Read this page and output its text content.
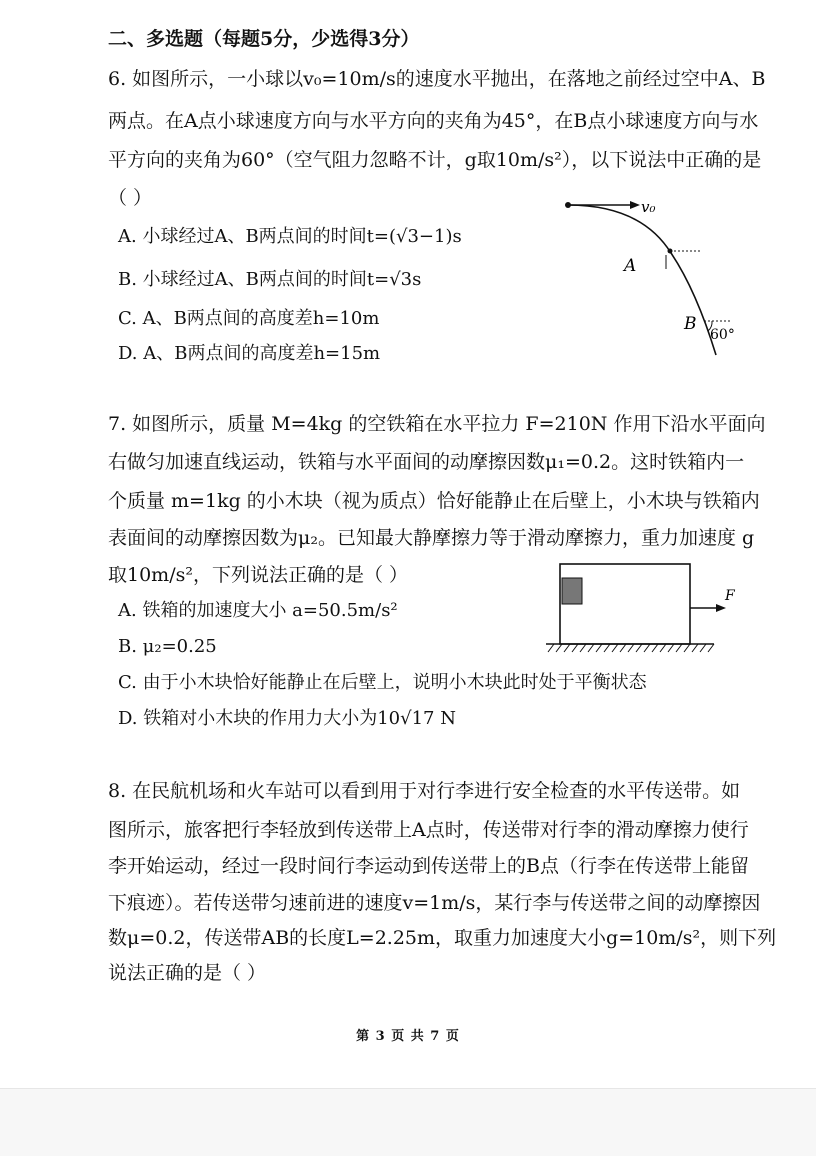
二、多选题（每题5分，少选得3分）
6. 如图所示，一小球以v₀=10m/s的速度水平抛出，在落地之前经过空中A、B
两点。在A点小球速度方向与水平方向的夹角为45°，在B点小球速度方向与水
平方向的夹角为60°（空气阻力忽略不计，g取10m/s²），以下说法中正确的是
（ ）
A. 小球经过A、B两点间的时间t=(√3−1)s
B. 小球经过A、B两点间的时间t=√3s
C. A、B两点间的高度差h=10m
D. A、B两点间的高度差h=15m
v₀
A
B
60°
7. 如图所示，质量 M=4kg 的空铁箱在水平拉力 F=210N 作用下沿水平面向
右做匀加速直线运动，铁箱与水平面间的动摩擦因数μ₁=0.2。这时铁箱内一
个质量 m=1kg 的小木块（视为质点）恰好能静止在后壁上，小木块与铁箱内
表面间的动摩擦因数为μ₂。已知最大静摩擦力等于滑动摩擦力，重力加速度 g
取10m/s²，下列说法正确的是（ ）
A. 铁箱的加速度大小 a=50.5m/s²
B. μ₂=0.25
C. 由于小木块恰好能静止在后壁上，说明小木块此时处于平衡状态
D. 铁箱对小木块的作用力大小为10√17 N
F
8. 在民航机场和火车站可以看到用于对行李进行安全检查的水平传送带。如
图所示，旅客把行李轻放到传送带上A点时，传送带对行李的滑动摩擦力使行
李开始运动，经过一段时间行李运动到传送带上的B点（行李在传送带上能留
下痕迹）。若传送带匀速前进的速度v=1m/s，某行李与传送带之间的动摩擦因
数μ=0.2，传送带AB的长度L=2.25m，取重力加速度大小g=10m/s²，则下列
说法正确的是（ ）
第 3 页 共 7 页
